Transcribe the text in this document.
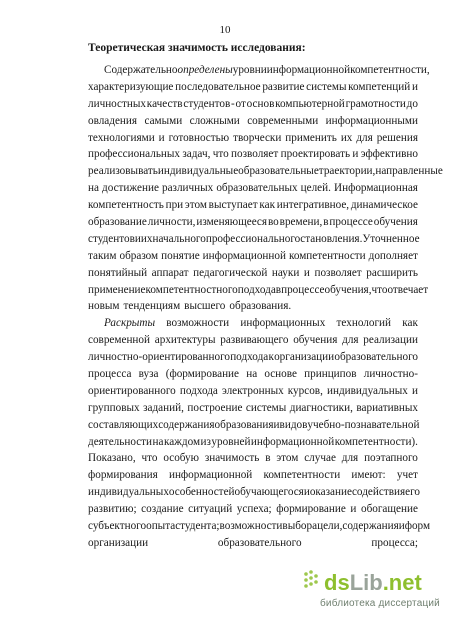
10
Теоретическая значимость исследования:
Содержательно определены уровни информационной компетентности,
характеризующие последовательное развитие системы компетенций и
личностных качеств студентов - от основ компьютерной грамотности до
овладения самыми сложными современными информационными
технологиями и готовностью творчески применить их для решения
профессиональных задач, что позволяет проектировать и эффективно
реализовывать индивидуальные образовательные траектории, направленные
на достижение различных образовательных целей. Информационная
компетентность при этом выступает как интегративное, динамическое
образование личности, изменяющееся во времени, в процессе обучения
студентов и их начального профессионального становления. Уточненное
таким образом понятие информационной компетентности дополняет
понятийный аппарат педагогической науки и позволяет расширить
применение компетентностного подхода в процессе обучения, что отвечает
новым тенденциям высшего образования.
Раскрыты возможности информационных технологий как
современной архитектуры развивающего обучения для реализации
личностно-ориентированного подхода к организации образовательного
процесса вуза (формирование на основе принципов личностно-
ориентированного подхода электронных курсов, индивидуальных и
групповых заданий, построение системы диагностики, вариативных
составляющих содержания образования и видов учебно-познавательной
деятельности на каждом из уровней информационной компетентности).
Показано, что особую значимость в этом случае для поэтапного
формирования информационной компетентности имеют: учет
индивидуальных особенностей обучающегося и оказание содействия его
развитию; создание ситуаций успеха; формирование и обогащение
субъектного опыта студента; возможности выбора цели, содержания и форм
организации	образовательного	процесса;
dsLib.net
библиотека диссертаций
